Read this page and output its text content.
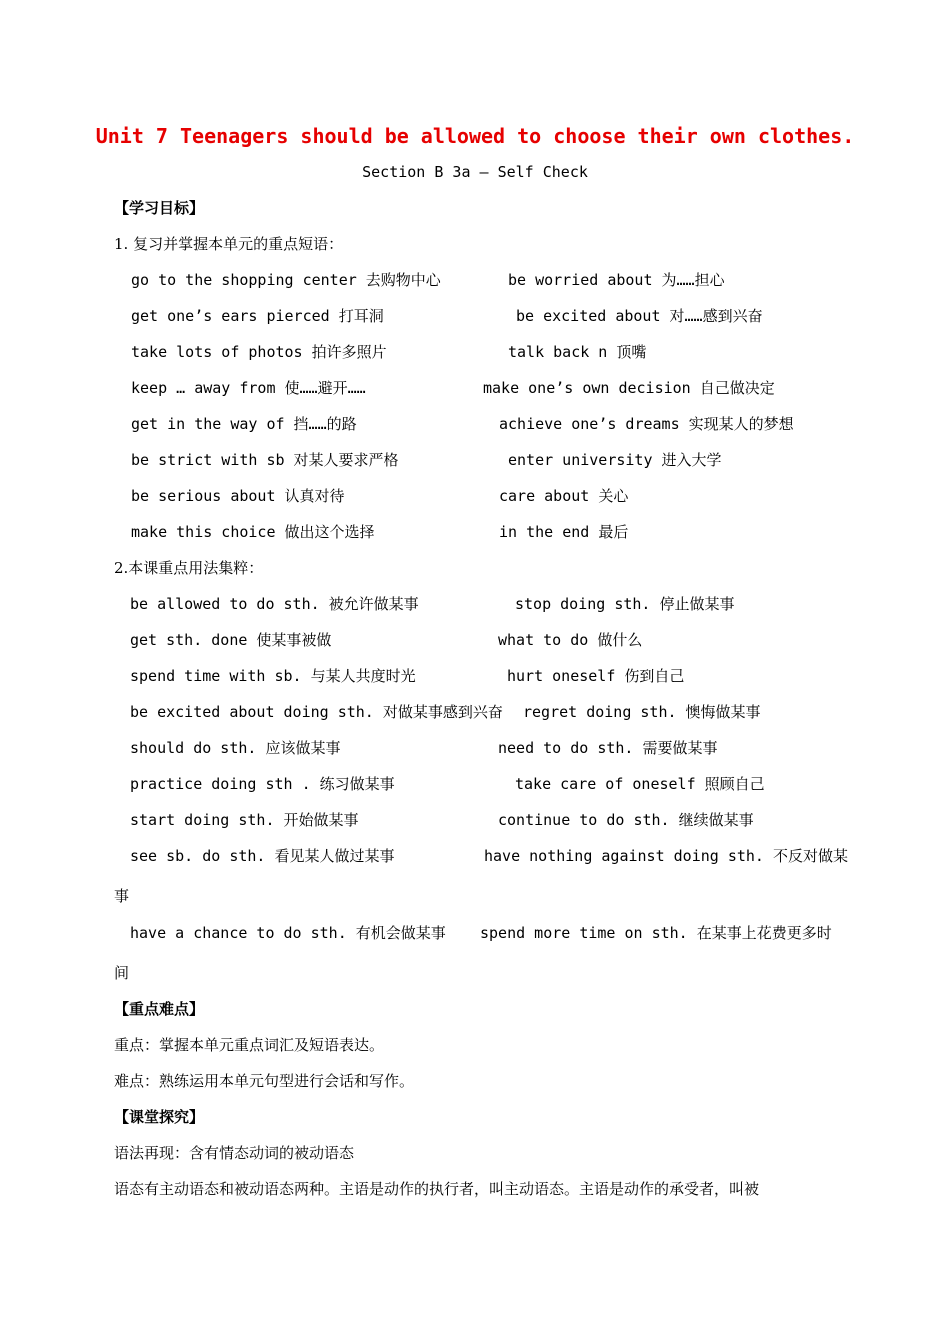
Unit 7 Teenagers should be allowed to choose their own clothes.
Section B 3a — Self Check
【学习目标】
1. 复习并掌握本单元的重点短语：
go to the shopping center 去购物中心	be worried about 为……担心
get one’s ears pierced 打耳洞	be excited about 对……感到兴奋
take lots of photos 拍许多照片	talk back n 顶嘴
keep … away from 使……避开……	make one’s own decision 自己做决定
get in the way of 挡……的路	achieve one’s dreams 实现某人的梦想
be strict with sb 对某人要求严格	enter university 进入大学
be serious about 认真对待	care about 关心
make this choice 做出这个选择	in the end 最后
2.本课重点用法集粹：
be allowed to do sth. 被允许做某事	stop doing sth. 停止做某事
get sth. done 使某事被做	what to do 做什么
spend time with sb. 与某人共度时光	hurt oneself 伤到自己
be excited about doing sth. 对做某事感到兴奋 regret doing sth. 懊悔做某事
should do sth. 应该做某事	need to do sth. 需要做某事
practice doing sth . 练习做某事	take care of oneself 照顾自己
start doing sth. 开始做某事	continue to do sth. 继续做某事
see sb. do sth. 看见某人做过某事	have nothing against doing sth. 不反对做某
事
have a chance to do sth. 有机会做某事 spend more time on sth. 在某事上花费更多时
间
【重点难点】
重点：掌握本单元重点词汇及短语表达。
难点：熟练运用本单元句型进行会话和写作。
【课堂探究】
语法再现：含有情态动词的被动语态
语态有主动语态和被动语态两种。主语是动作的执行者，叫主动语态。主语是动作的承受者，叫被
